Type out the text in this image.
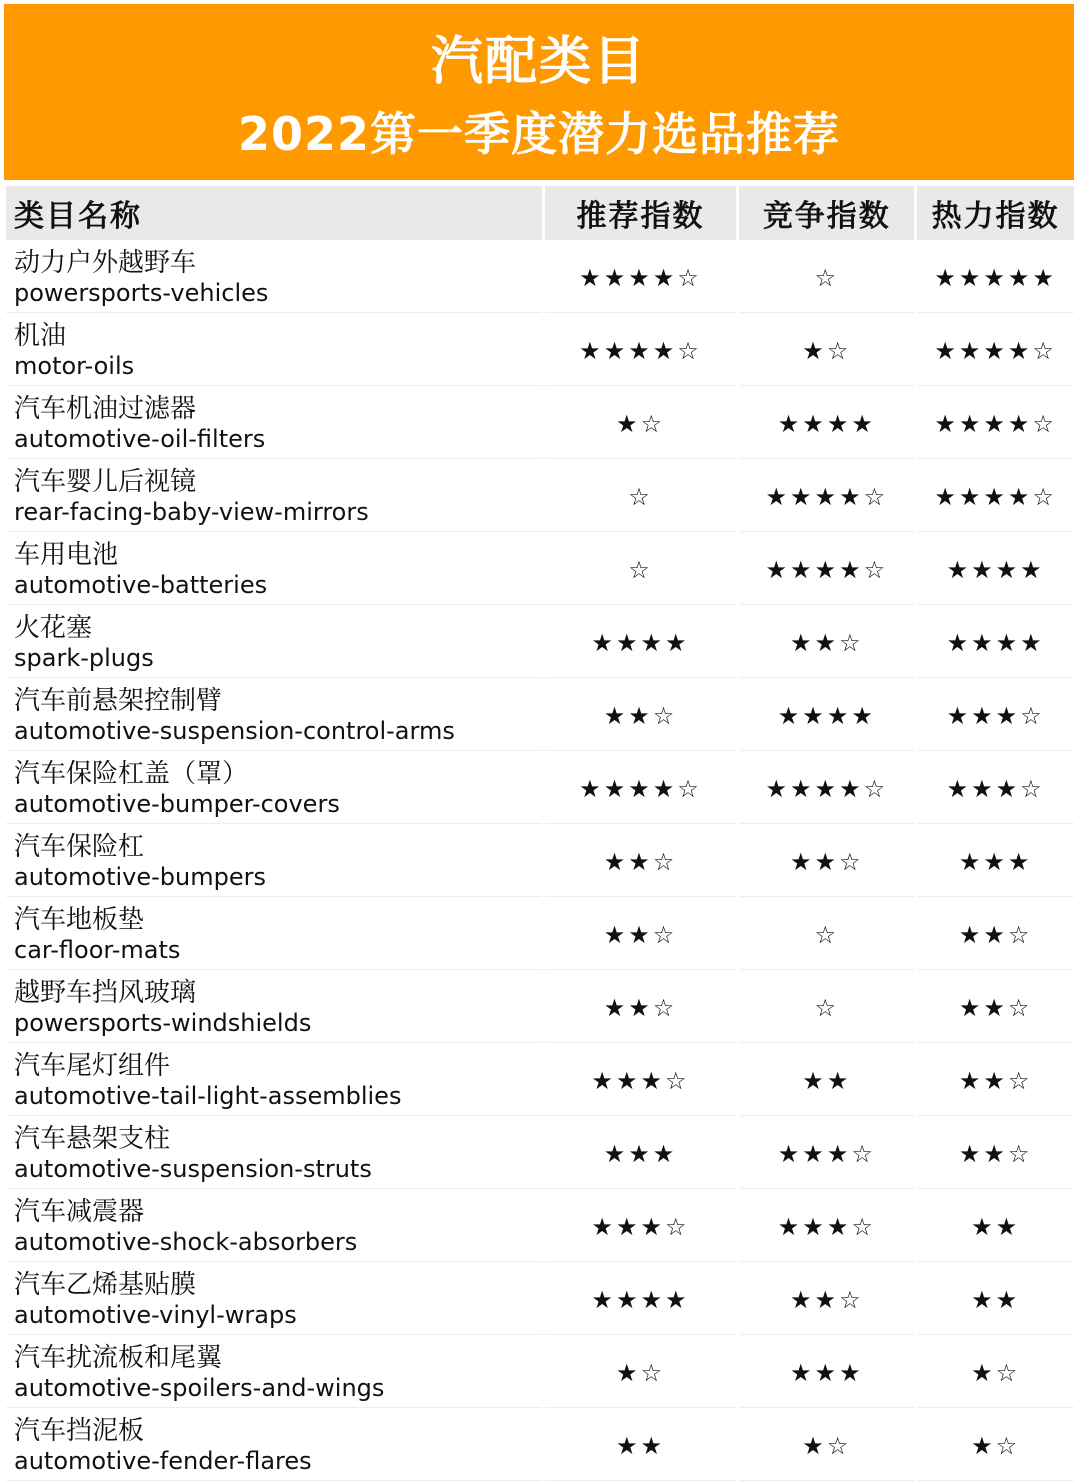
汽配类目
2022第一季度潜力选品推荐
类目名称	推荐指数	竞争指数	热力指数

动力户外越野车
powersports-vehicles	★★★★☆	☆	★★★★★

机油
motor-oils	★★★★☆	★☆	★★★★☆

汽车机油过滤器
automotive-oil-filters	★☆	★★★★	★★★★☆

汽车婴儿后视镜
rear-facing-baby-view-mirrors	☆	★★★★☆	★★★★☆

车用电池
automotive-batteries	☆	★★★★☆	★★★★

火花塞
spark-plugs	★★★★	★★☆	★★★★

汽车前悬架控制臂
automotive-suspension-control-arms	★★☆	★★★★	★★★☆

汽车保险杠盖（罩）
automotive-bumper-covers	★★★★☆	★★★★☆	★★★☆

汽车保险杠
automotive-bumpers	★★☆	★★☆	★★★

汽车地板垫
car-floor-mats	★★☆	☆	★★☆

越野车挡风玻璃
powersports-windshields	★★☆	☆	★★☆

汽车尾灯组件
automotive-tail-light-assemblies	★★★☆	★★	★★☆

汽车悬架支柱
automotive-suspension-struts	★★★	★★★☆	★★☆

汽车减震器
automotive-shock-absorbers	★★★☆	★★★☆	★★

汽车乙烯基贴膜
automotive-vinyl-wraps	★★★★	★★☆	★★

汽车扰流板和尾翼
automotive-spoilers-and-wings	★☆	★★★	★☆

汽车挡泥板
automotive-fender-flares	★★	★☆	★☆
